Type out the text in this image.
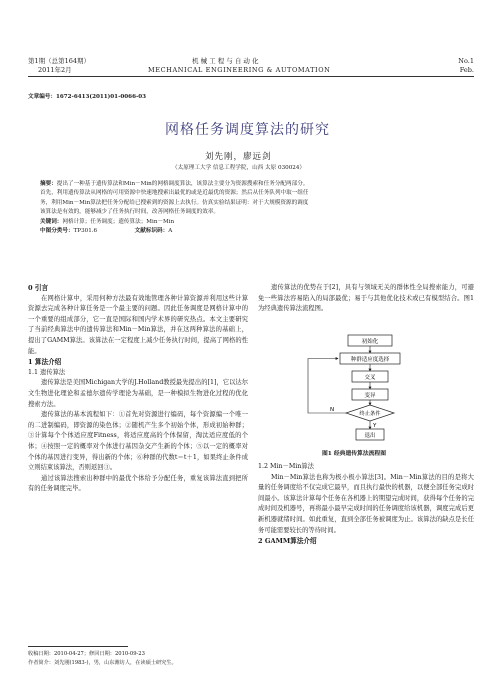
第1期（总第164期）
2011年2月
机 械 工 程 与 自 动 化
MECHANICAL ENGINEERING & AUTOMATION
No.1
Feb.
文章编号：1672-6413(2011)01-0066-03
网格任务调度算法的研究
刘先刚，廖远剑
（太原理工大学 信息工程学院，山西 太原 030024）
摘要：提出了一种基于遗传算法和Min－Min的网格调度算法，该算法主要分为资源搜索和任务分配两部分。
首先，利用遗传算法从网格的可用资源中快速地搜索出最优的或是近最优的资源；然后从任务队列中取一组任
务，利用Min－Min算法把任务分配给已搜索到的资源上去执行。仿真实验结果证明：对于大规模资源的调度
该算法是有效的，能够减少了任务执行时间，改善网格任务调度的效率。
关键词：网格计算；任务调度；遗传算法；Min－Min
中图分类号：TP301.6	文献标识码：A
0 引言
在网格计算中，采用何种方法最有效地管理各种计算资源并利用这些计算资源去完成各种计算任务是一个最主要的问题。因此任务调度是网格计算中的一个重要的组成部分，它一直是国际和国内学术界的研究热点。本文主要研究了当前经典算法中的遗传算法和Min－Min算法，并在这两种算法的基础上，提出了GAMM算法。该算法在一定程度上减少任务执行时间，提高了网格的性能。
1 算法介绍
1.1 遗传算法
遗传算法是美国Michigan大学的J.Holland教授最先提出的[1]，它以达尔文生物进化理论和孟德尔遗传学理论为基础，是一种模拟生物进化过程的优化搜索方法。
遗传算法的基本流程如下：①首先对资源进行编码，每个资源编一个唯一的二进制编码，即资源的染色体；②随机产生多个初始个体，形成初始种群；③计算每个个体适应度Fitness，将适应度高的个体保留，淘汰适应度低的个体；④按照一定的概率对个体进行基因杂交产生新的个体；⑤以一定的概率对个体的基因进行变异，得出新的个体；⑥种群的代数t＝t＋1，如果终止条件成立则结束该算法，否则返回③。
通过该算法搜索出种群中的最优个体给予分配任务，重复该算法直到把所有的任务调度完毕。
收稿日期：2010-04-27；修回日期：2010-09-23
作者简介：刘先刚(1983-)，男，山东潍坊人，在读硕士研究生。
遗传算法的优势在于[2]，具有与领域无关的群体性全局搜索能力，可避免一些算法容易陷入的局部最优；易于与其他优化技术或已有模型结合。图1为经典遗传算法流程图。
初始化
种群适应度选择
交叉
变异
终止条件
N
Y
退出
图1 经典遗传算法流程图
1.2 Min－Min算法
Min－Min算法也称为极小极小算法[3]。Min－Min算法的目的是将大量的任务调度给不仅完成它最早，而且执行最快的机器，以便全部任务完成时间最小。该算法计算每个任务在各机器上的期望完成时间，获得每个任务的完成时间及机器号，再将最小最早完成时间的任务调度给该机器，调度完成后更新机器就绪时间。如此重复，直到全部任务被调度为止。该算法的缺点是长任务可能需要较长的等待时间。
2 GAMM算法介绍
